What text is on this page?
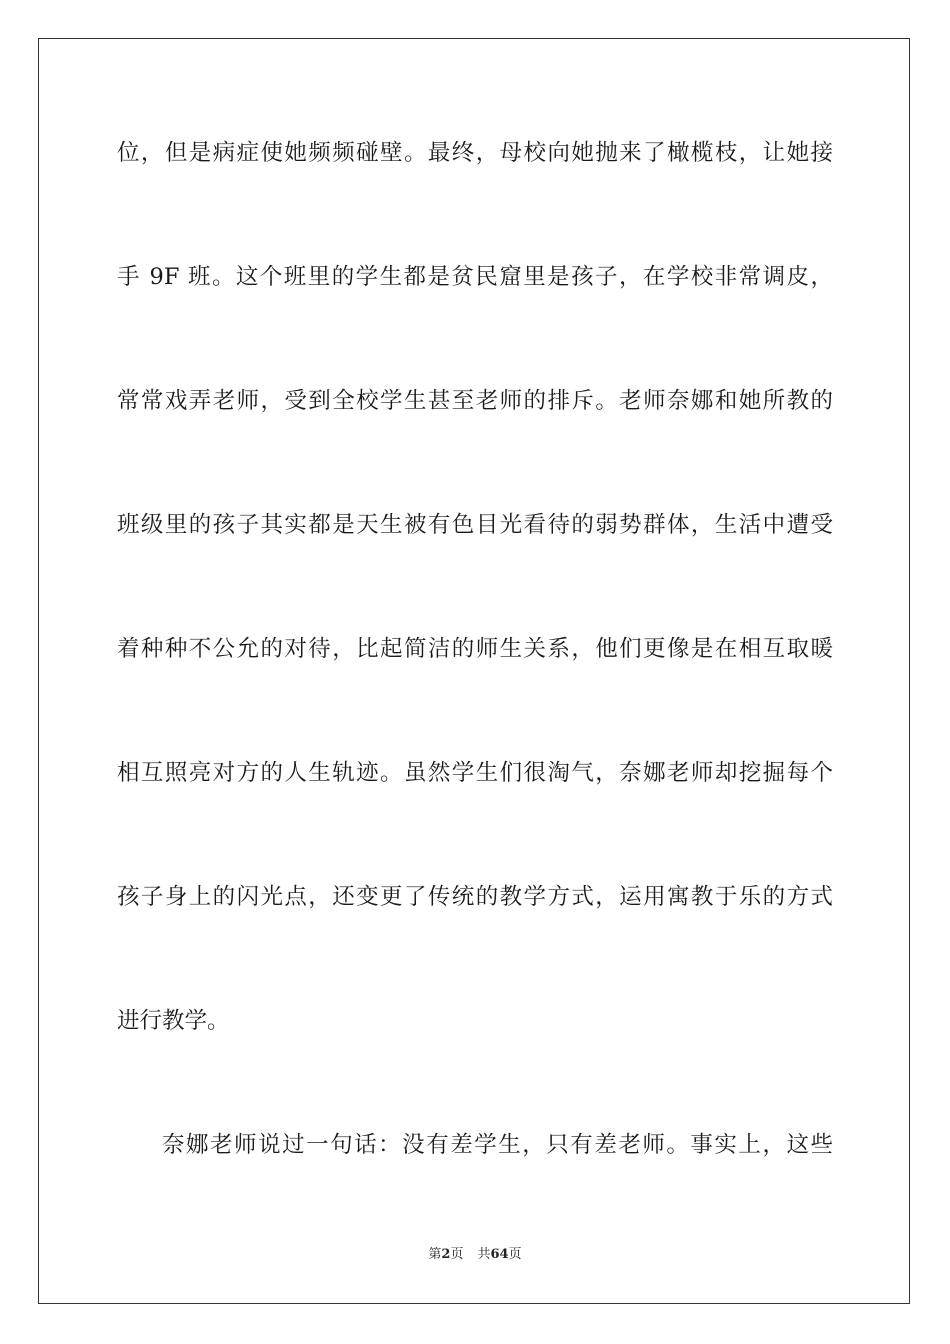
位，但是病症使她频频碰壁。最终，母校向她抛来了橄榄枝，让她接
手 9F 班。这个班里的学生都是贫民窟里是孩子，在学校非常调皮，
常常戏弄老师，受到全校学生甚至老师的排斥。老师奈娜和她所教的
班级里的孩子其实都是天生被有色目光看待的弱势群体，生活中遭受
着种种不公允的对待，比起简洁的师生关系，他们更像是在相互取暖
相互照亮对方的人生轨迹。虽然学生们很淘气，奈娜老师却挖掘每个
孩子身上的闪光点，还变更了传统的教学方式，运用寓教于乐的方式
进行教学。
奈娜老师说过一句话：没有差学生，只有差老师。事实上，这些
第2页 共64页
